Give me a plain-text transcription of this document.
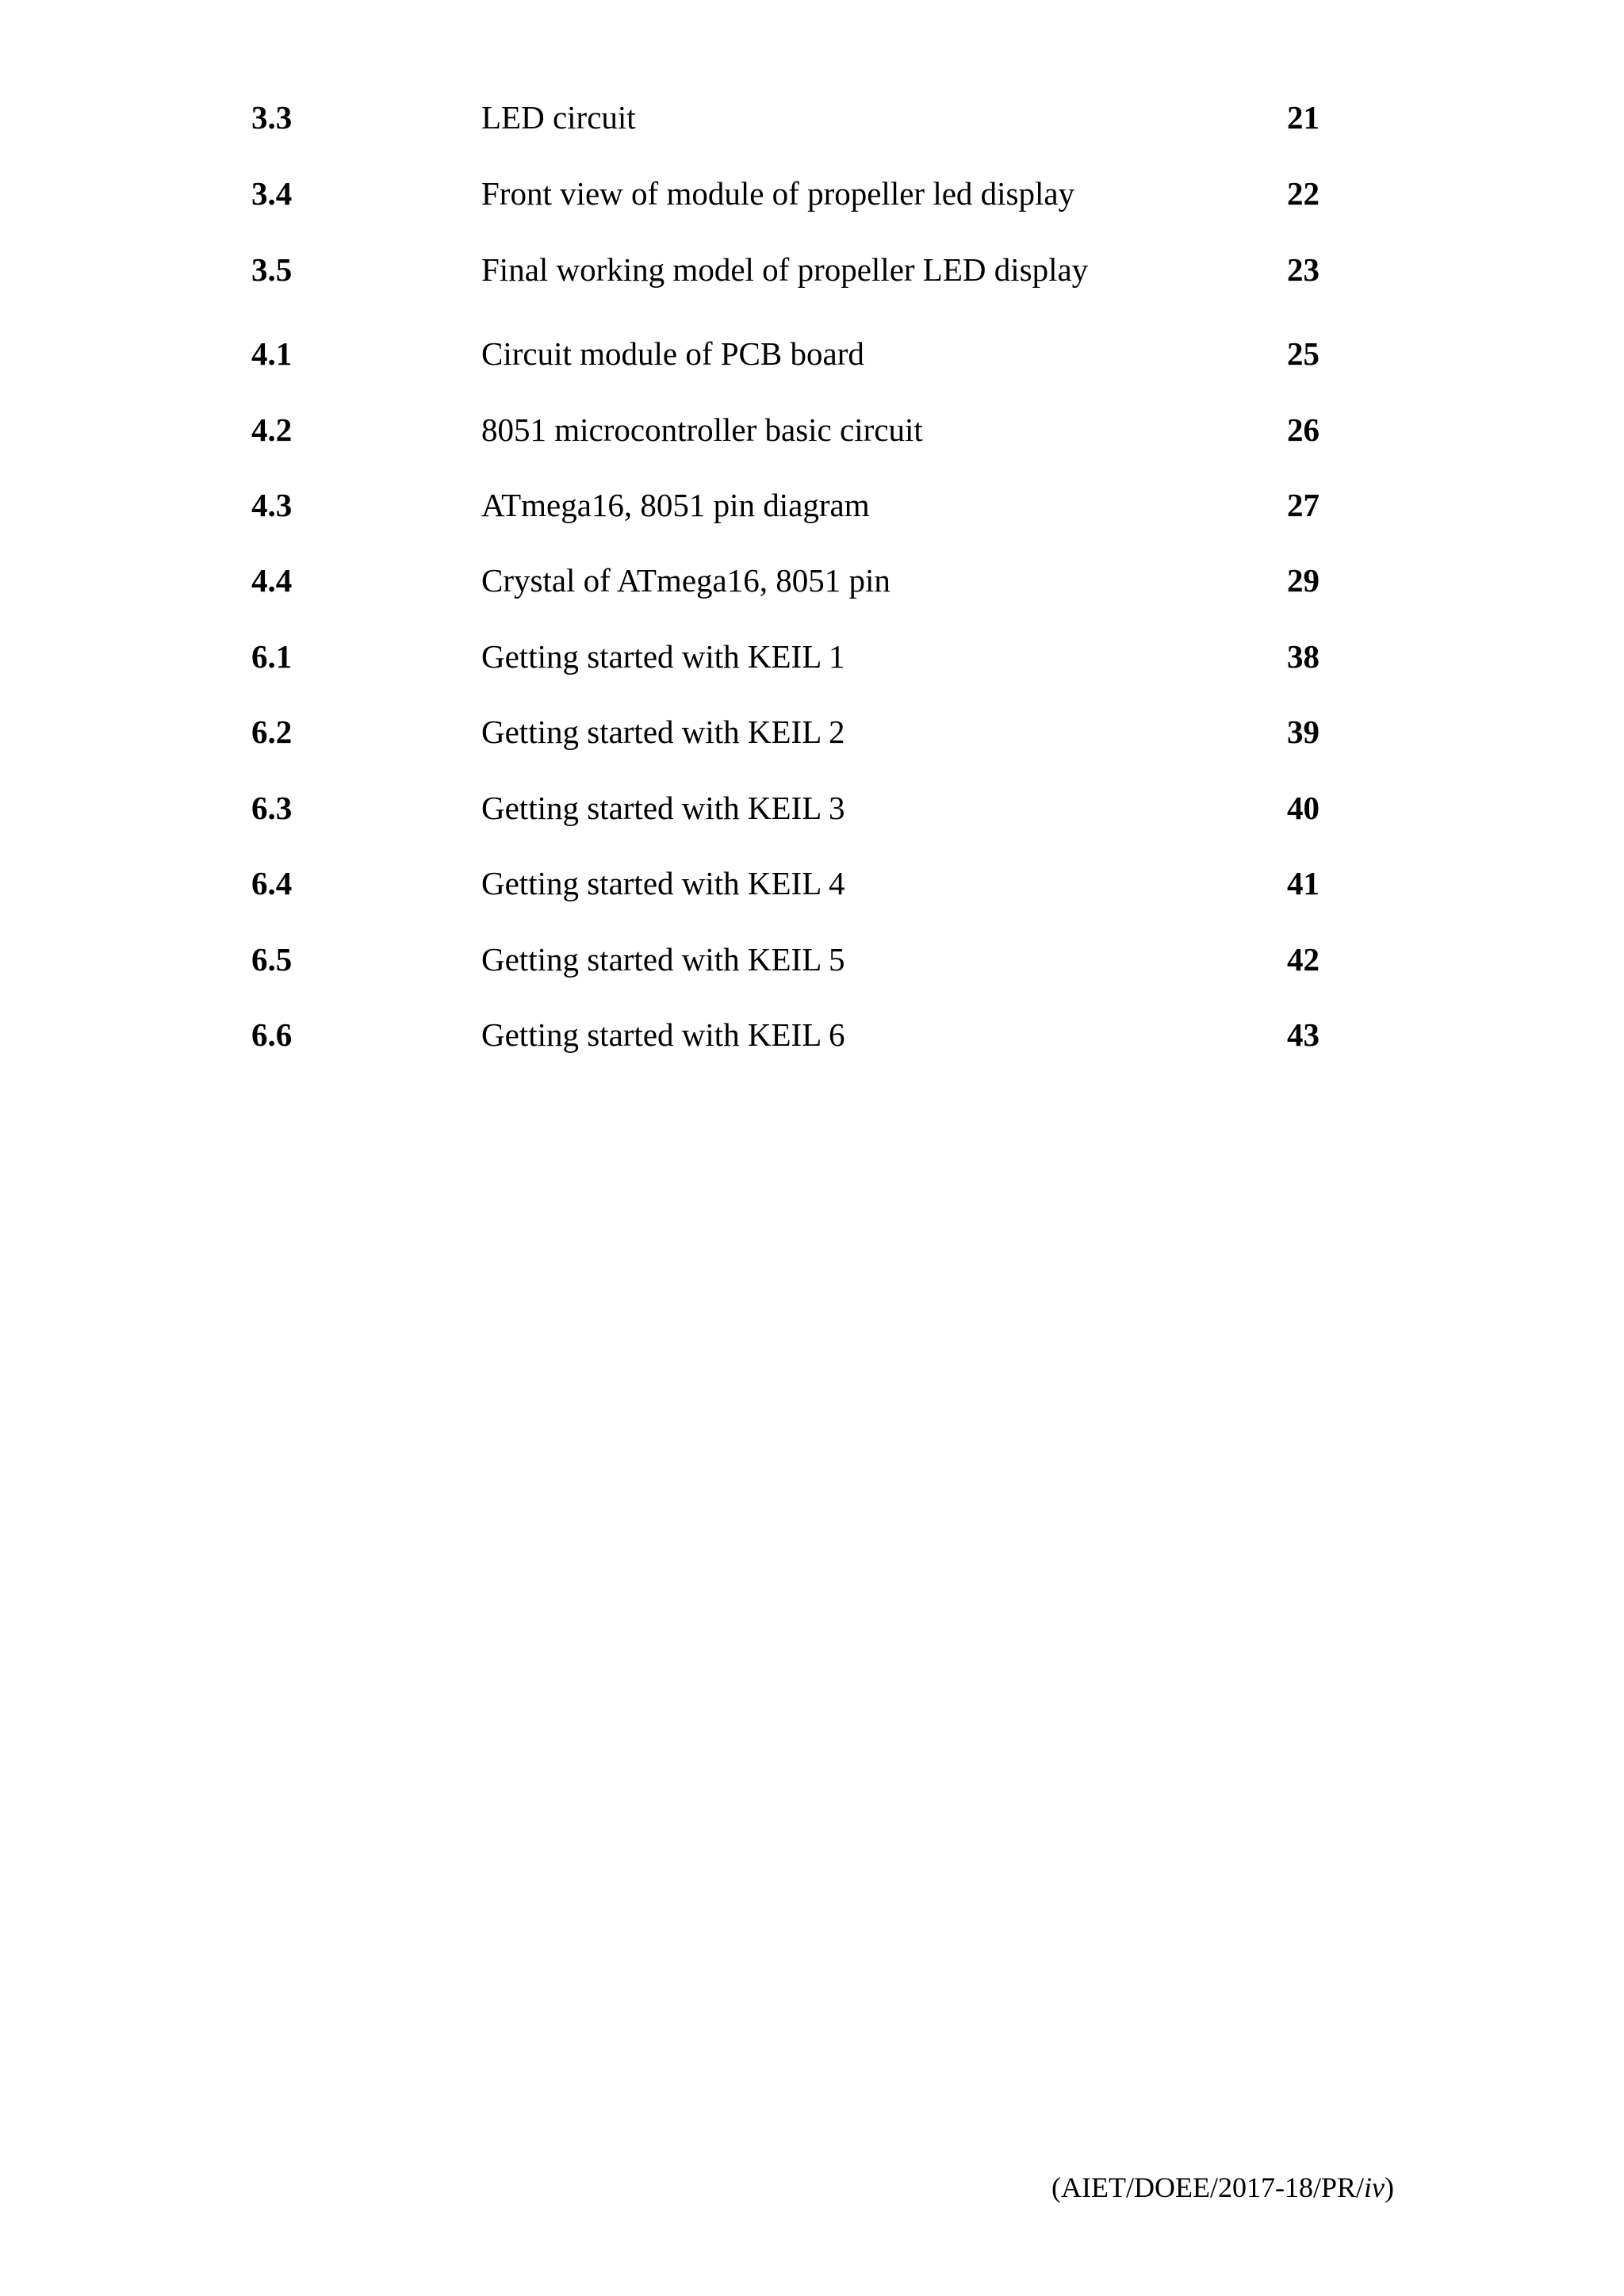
3.3	LED circuit	21
3.4	Front view of module of propeller led display	22
3.5	Final working model of propeller LED display	23
4.1	Circuit module of PCB board	25
4.2	8051 microcontroller basic circuit	26
4.3	ATmega16, 8051 pin diagram	27
4.4	Crystal of ATmega16, 8051 pin	29
6.1	Getting started with KEIL 1	38
6.2	Getting started with KEIL 2	39
6.3	Getting started with KEIL 3	40
6.4	Getting started with KEIL 4	41
6.5	Getting started with KEIL 5	42
6.6	Getting started with KEIL 6	43
(AIET/DOEE/2017-18/PR/iv)
